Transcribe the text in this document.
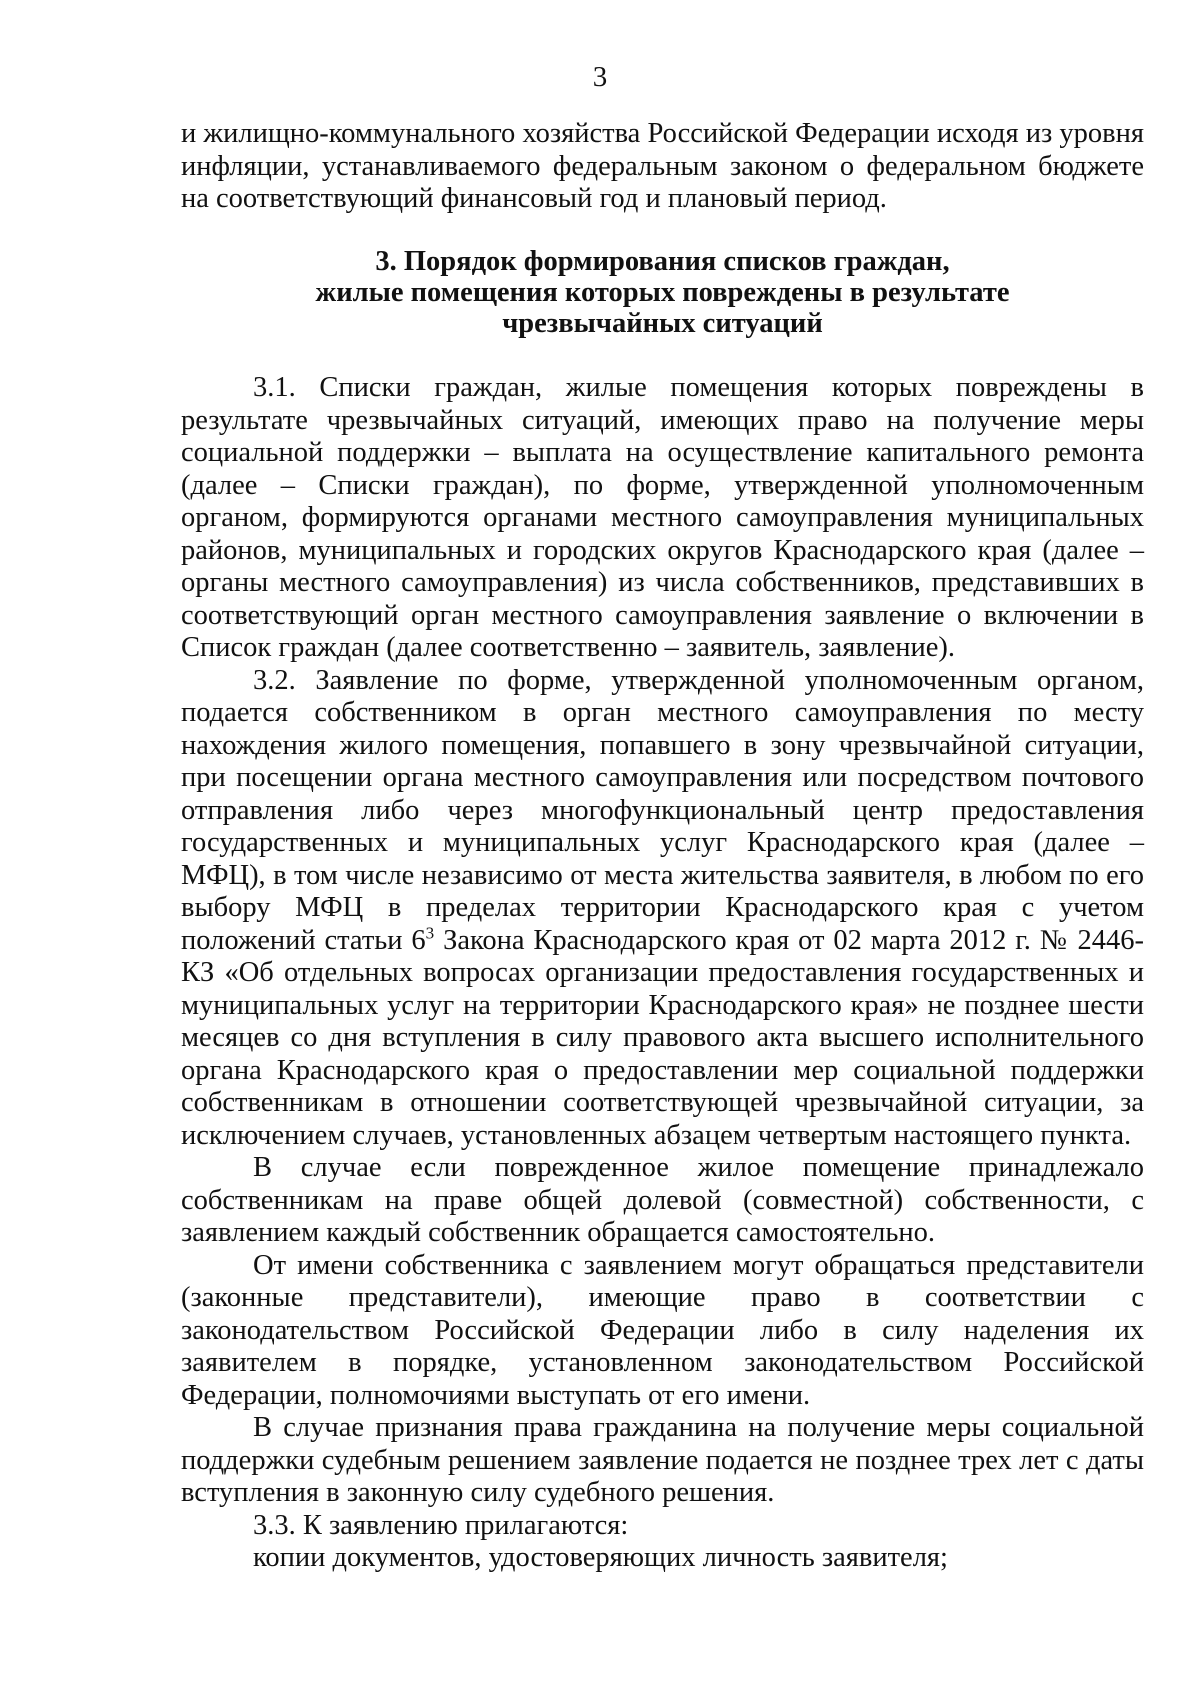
3

и жилищно-коммунального хозяйства Российской Федерации исходя из уровня инфляции, устанавливаемого федеральным законом о федеральном бюджете на соответствующий финансовый год и плановый период.

3. Порядок формирования списков граждан,
жилые помещения которых повреждены в результате
чрезвычайных ситуаций

3.1. Списки граждан, жилые помещения которых повреждены в результате чрезвычайных ситуаций, имеющих право на получение меры социальной поддержки – выплата на осуществление капитального ремонта (далее – Списки граждан), по форме, утвержденной уполномоченным органом, формируются органами местного самоуправления муниципальных районов, муниципальных и городских округов Краснодарского края (далее – органы местного самоуправления) из числа собственников, представивших в соответствующий орган местного самоуправления заявление о включении в Список граждан (далее соответственно – заявитель, заявление).

3.2. Заявление по форме, утвержденной уполномоченным органом, подается собственником в орган местного самоуправления по месту нахождения жилого помещения, попавшего в зону чрезвычайной ситуации, при посещении органа местного самоуправления или посредством почтового отправления либо через многофункциональный центр предоставления государственных и муниципальных услуг Краснодарского края (далее – МФЦ), в том числе независимо от места жительства заявителя, в любом по его выбору МФЦ в пределах территории Краснодарского края с учетом положений статьи $6^3$ Закона Краснодарского края от 02 марта 2012 г. № 2446-КЗ «Об отдельных вопросах организации предоставления государственных и муниципальных услуг на территории Краснодарского края» не позднее шести месяцев со дня вступления в силу правового акта высшего исполнительного органа Краснодарского края о предоставлении мер социальной поддержки собственникам в отношении соответствующей чрезвычайной ситуации, за исключением случаев, установленных абзацем четвертым настоящего пункта.

В случае если поврежденное жилое помещение принадлежало собственникам на праве общей долевой (совместной) собственности, с заявлением каждый собственник обращается самостоятельно.

От имени собственника с заявлением могут обращаться представители (законные представители), имеющие право в соответствии с законодательством Российской Федерации либо в силу наделения их заявителем в порядке, установленном законодательством Российской Федерации, полномочиями выступать от его имени.

В случае признания права гражданина на получение меры социальной поддержки судебным решением заявление подается не позднее трех лет с даты вступления в законную силу судебного решения.

3.3. К заявлению прилагаются:

копии документов, удостоверяющих личность заявителя;
